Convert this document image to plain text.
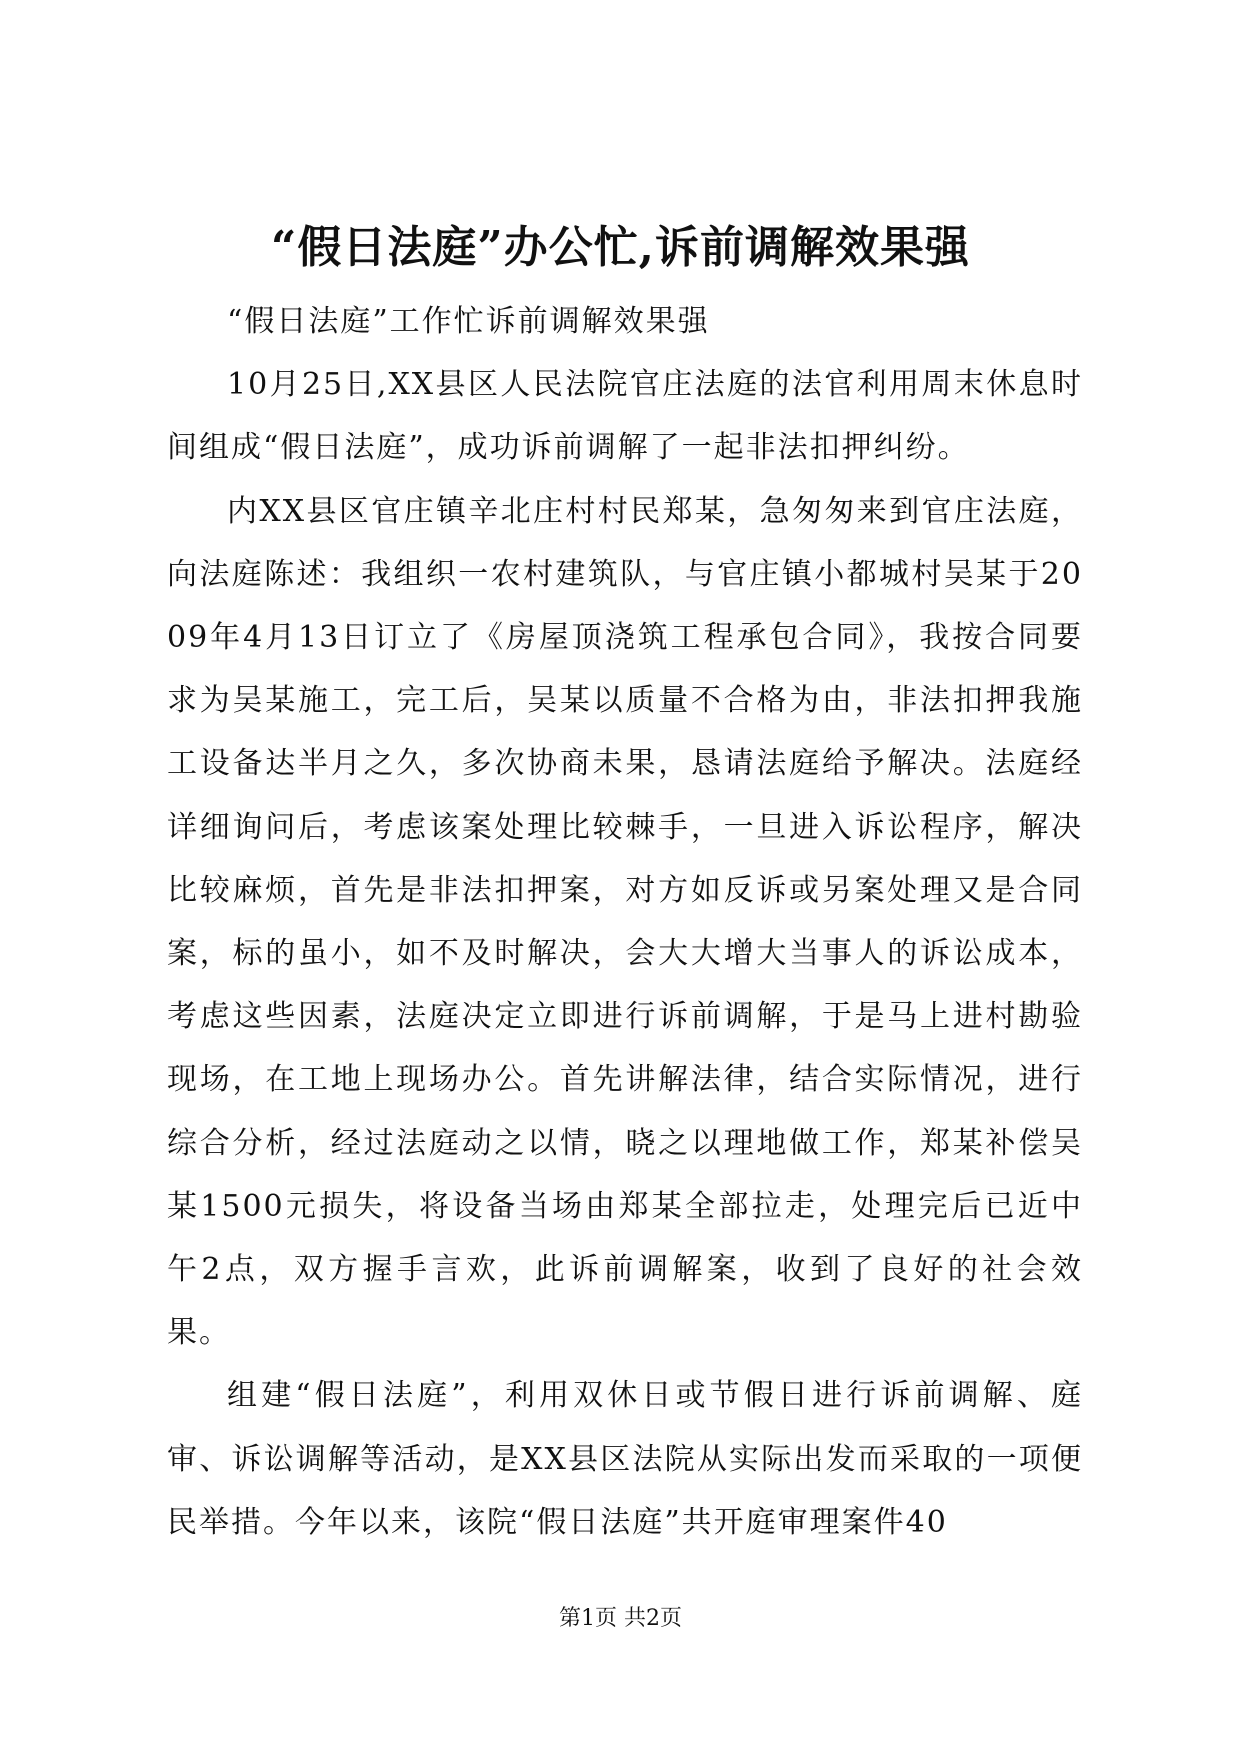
“假日法庭”办公忙,诉前调解效果强

“假日法庭”工作忙诉前调解效果强

10月25日,XX县区人民法院官庄法庭的法官利用周末休息时间组成“假日法庭”，成功诉前调解了一起非法扣押纠纷。

内XX县区官庄镇辛北庄村村民郑某，急匆匆来到官庄法庭，向法庭陈述：我组织一农村建筑队，与官庄镇小都城村吴某于2009年4月13日订立了《房屋顶浇筑工程承包合同》，我按合同要求为吴某施工，完工后，吴某以质量不合格为由，非法扣押我施工设备达半月之久，多次协商未果，恳请法庭给予解决。法庭经详细询问后，考虑该案处理比较棘手，一旦进入诉讼程序，解决比较麻烦，首先是非法扣押案，对方如反诉或另案处理又是合同案，标的虽小，如不及时解决，会大大增大当事人的诉讼成本，考虑这些因素，法庭决定立即进行诉前调解，于是马上进村勘验现场，在工地上现场办公。首先讲解法律，结合实际情况，进行综合分析，经过法庭动之以情，晓之以理地做工作，郑某补偿吴某1500元损失，将设备当场由郑某全部拉走，处理完后已近中午2点，双方握手言欢，此诉前调解案，收到了良好的社会效果。

组建“假日法庭”，利用双休日或节假日进行诉前调解、庭审、诉讼调解等活动，是XX县区法院从实际出发而采取的一项便民举措。今年以来，该院“假日法庭”共开庭审理案件40

第1页 共2页
